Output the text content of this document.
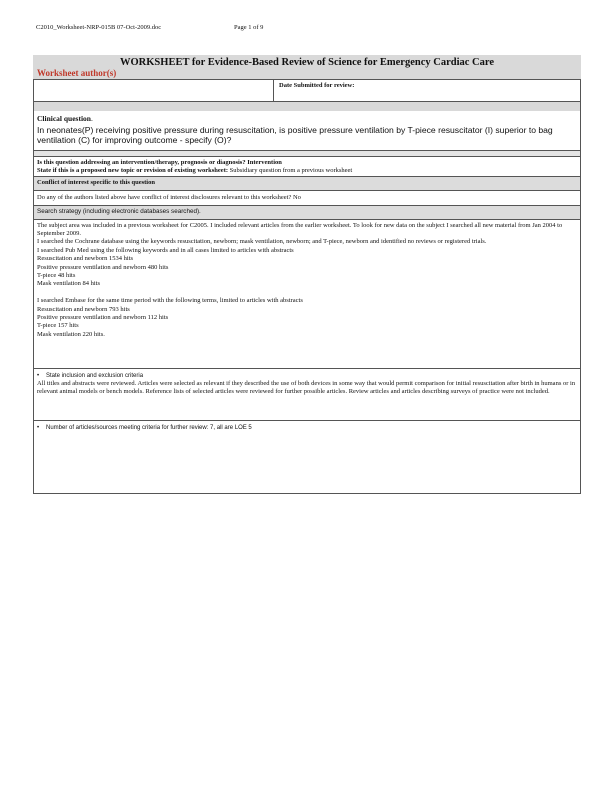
C2010_Worksheet-NRP-015B 07-Oct-2009.doc	Page 1 of 9
WORKSHEET for Evidence-Based Review of Science for Emergency Cardiac Care
Worksheet author(s)
Date Submitted for review:
Clinical question.
In neonates(P) receiving positive pressure during resuscitation, is positive pressure ventilation by T-piece resuscitator (I) superior to bag ventilation (C) for improving outcome - specify (O)?
Is this question addressing an intervention/therapy, prognosis or diagnosis? Intervention
State if this is a proposed new topic or revision of existing worksheet: Subsidiary question from a previous worksheet
Conflict of interest specific to this question
Do any of the authors listed above have conflict of interest disclosures relevant to this worksheet? No
Search strategy (including electronic databases searched).

The subject area was included in a previous worksheet for C2005. I included relevant articles from the earlier worksheet. To look for new data on the subject I searched all new material from Jan 2004 to September 2009.

I searched the Cochrane database using the keywords resuscitation, newborn; mask ventilation, newborn; and T-piece, newborn and identified no reviews or registered trials.

I searched Pub Med using the following keywords and in all cases limited to articles with abstracts

Resuscitation and newborn 1534 hits

Positive pressure ventilation and newborn 480 hits

T-piece 48 hits

Mask ventilation 84 hits

I searched Embase for the same time period with the following terms, limited to articles with abstracts

Resuscitation and newborn 793 hits

Positive pressure ventilation and newborn 112 hits

T-piece 157 hits

Mask ventilation 220 hits.

• State inclusion and exclusion criteria
All titles and abstracts were reviewed. Articles were selected as relevant if they described the use of both devices in some way that would permit comparison for initial resuscitation after birth in humans or in relevant animal models or bench models. Reference lists of selected articles were reviewed for further possible articles. Review articles and articles describing surveys of practice were not included.
• Number of articles/sources meeting criteria for further review: 7, all are LOE 5
